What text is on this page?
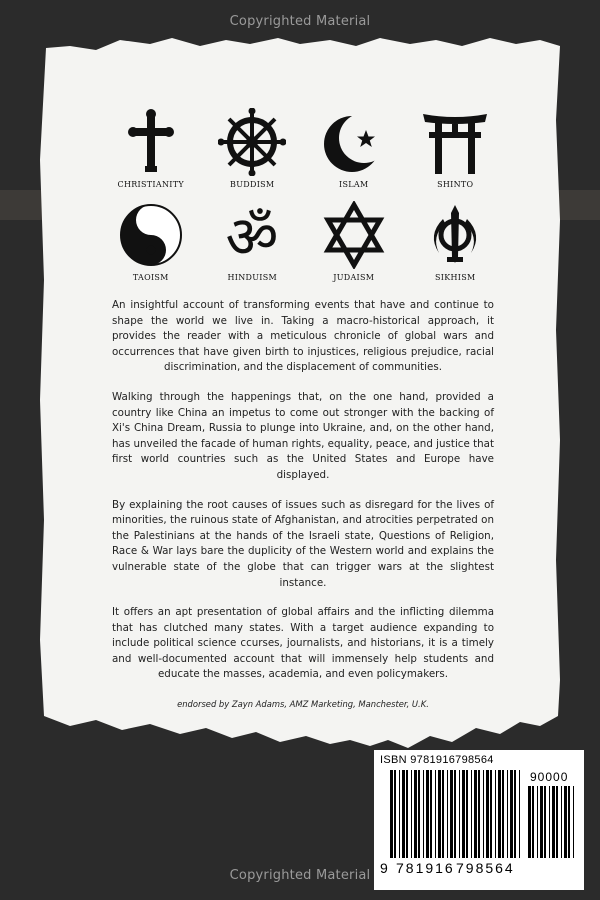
Copyrighted Material
CHRISTIANITY	BUDDISM	ISLAM	SHINTO
TAOISM
ॐ
HINDUISM	JUDAISM	SIKHISM

An insightful account of transforming events that have and continue to shape the world we live in. Taking a macro-historical approach, it provides the reader with a meticulous chronicle of global wars and occurrences that have given birth to injustices, religious prejudice, racial discrimination, and the displacement of communities.

Walking through the happenings that, on the one hand, provided a country like China an impetus to come out stronger with the backing of Xi's China Dream, Russia to plunge into Ukraine, and, on the other hand, has unveiled the facade of human rights, equality, peace, and justice that first world countries such as the United States and Europe have displayed.

By explaining the root causes of issues such as disregard for the lives of minorities, the ruinous state of Afghanistan, and atrocities perpetrated on the Palestinians at the hands of the Israeli state, Questions of Religion, Race & War lays bare the duplicity of the Western world and explains the vulnerable state of the globe that can trigger wars at the slightest instance.

It offers an apt presentation of global affairs and the inflicting dilemma that has clutched many states. With a target audience expanding to include political science ccurses, journalists, and historians, it is a timely and well-documented account that will immensely help students and educate the masses, academia, and even policymakers.

endorsed by Zayn Adams, AMZ Marketing, Manchester, U.K.
ISBN 9781916798564
90000
9 781916 798564
Copyrighted Material
